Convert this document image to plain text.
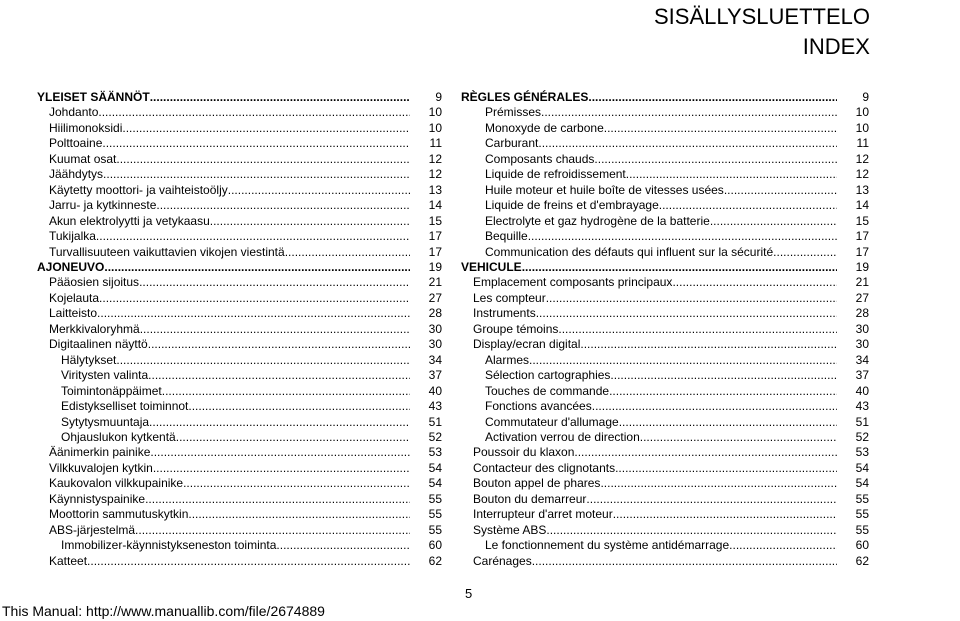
SISÄLLYSLUETTELO
INDEX
YLEISET SÄÄNNÖT .....	9
Johdanto .....	10
Hiilimonoksidi .....	10
Polttoaine .....	11
Kuumat osat .....	12
Jäähdytys .....	12
Käytetty moottori- ja vaihteistoöljy .....	13
Jarru- ja kytkinneste .....	14
Akun elektrolyytti ja vetykaasu .....	15
Tukijalka .....	17
Turvallisuuteen vaikuttavien vikojen viestintä .....	17
AJONEUVO .....	19
Pääosien sijoitus .....	21
Kojelauta .....	27
Laitteisto .....	28
Merkkivaloryhmä .....	30
Digitaalinen näyttö .....	30
Hälytykset .....	34
Viritysten valinta .....	37
Toimintonäppäimet .....	40
Edistykselliset toiminnot .....	43
Sytytysmuuntaja .....	51
Ohjauslukon kytkentä .....	52
Äänimerkin painike .....	53
Vilkkuvalojen kytkin .....	54
Kaukovalon vilkkupainike .....	54
Käynnistyspainike .....	55
Moottorin sammutuskytkin .....	55
ABS-järjestelmä .....	55
Immobilizer-käynnistykseneston toiminta .....	60
Katteet .....	62
RÈGLES GÉNÉRALES .....	9
Prémisses .....	10
Monoxyde de carbone .....	10
Carburant .....	11
Composants chauds .....	12
Liquide de refroidissement .....	12
Huile moteur et huile boîte de vitesses usées .....	13
Liquide de freins et d'embrayage .....	14
Electrolyte et gaz hydrogène de la batterie .....	15
Bequille .....	17
Communication des défauts qui influent sur la sécurité .....	17
VEHICULE .....	19
Emplacement composants principaux .....	21
Les compteur .....	27
Instruments .....	28
Groupe témoins .....	30
Display/ecran digital .....	30
Alarmes .....	34
Sélection cartographies .....	37
Touches de commande .....	40
Fonctions avancées .....	43
Commutateur d'allumage .....	51
Activation verrou de direction .....	52
Poussoir du klaxon .....	53
Contacteur des clignotants .....	54
Bouton appel de phares .....	54
Bouton du demarreur .....	55
Interrupteur d'arret moteur .....	55
Système ABS .....	55
Le fonctionnement du système antidémarrage .....	60
Carénages .....	62
5
This Manual: http://www.manuallib.com/file/2674889
